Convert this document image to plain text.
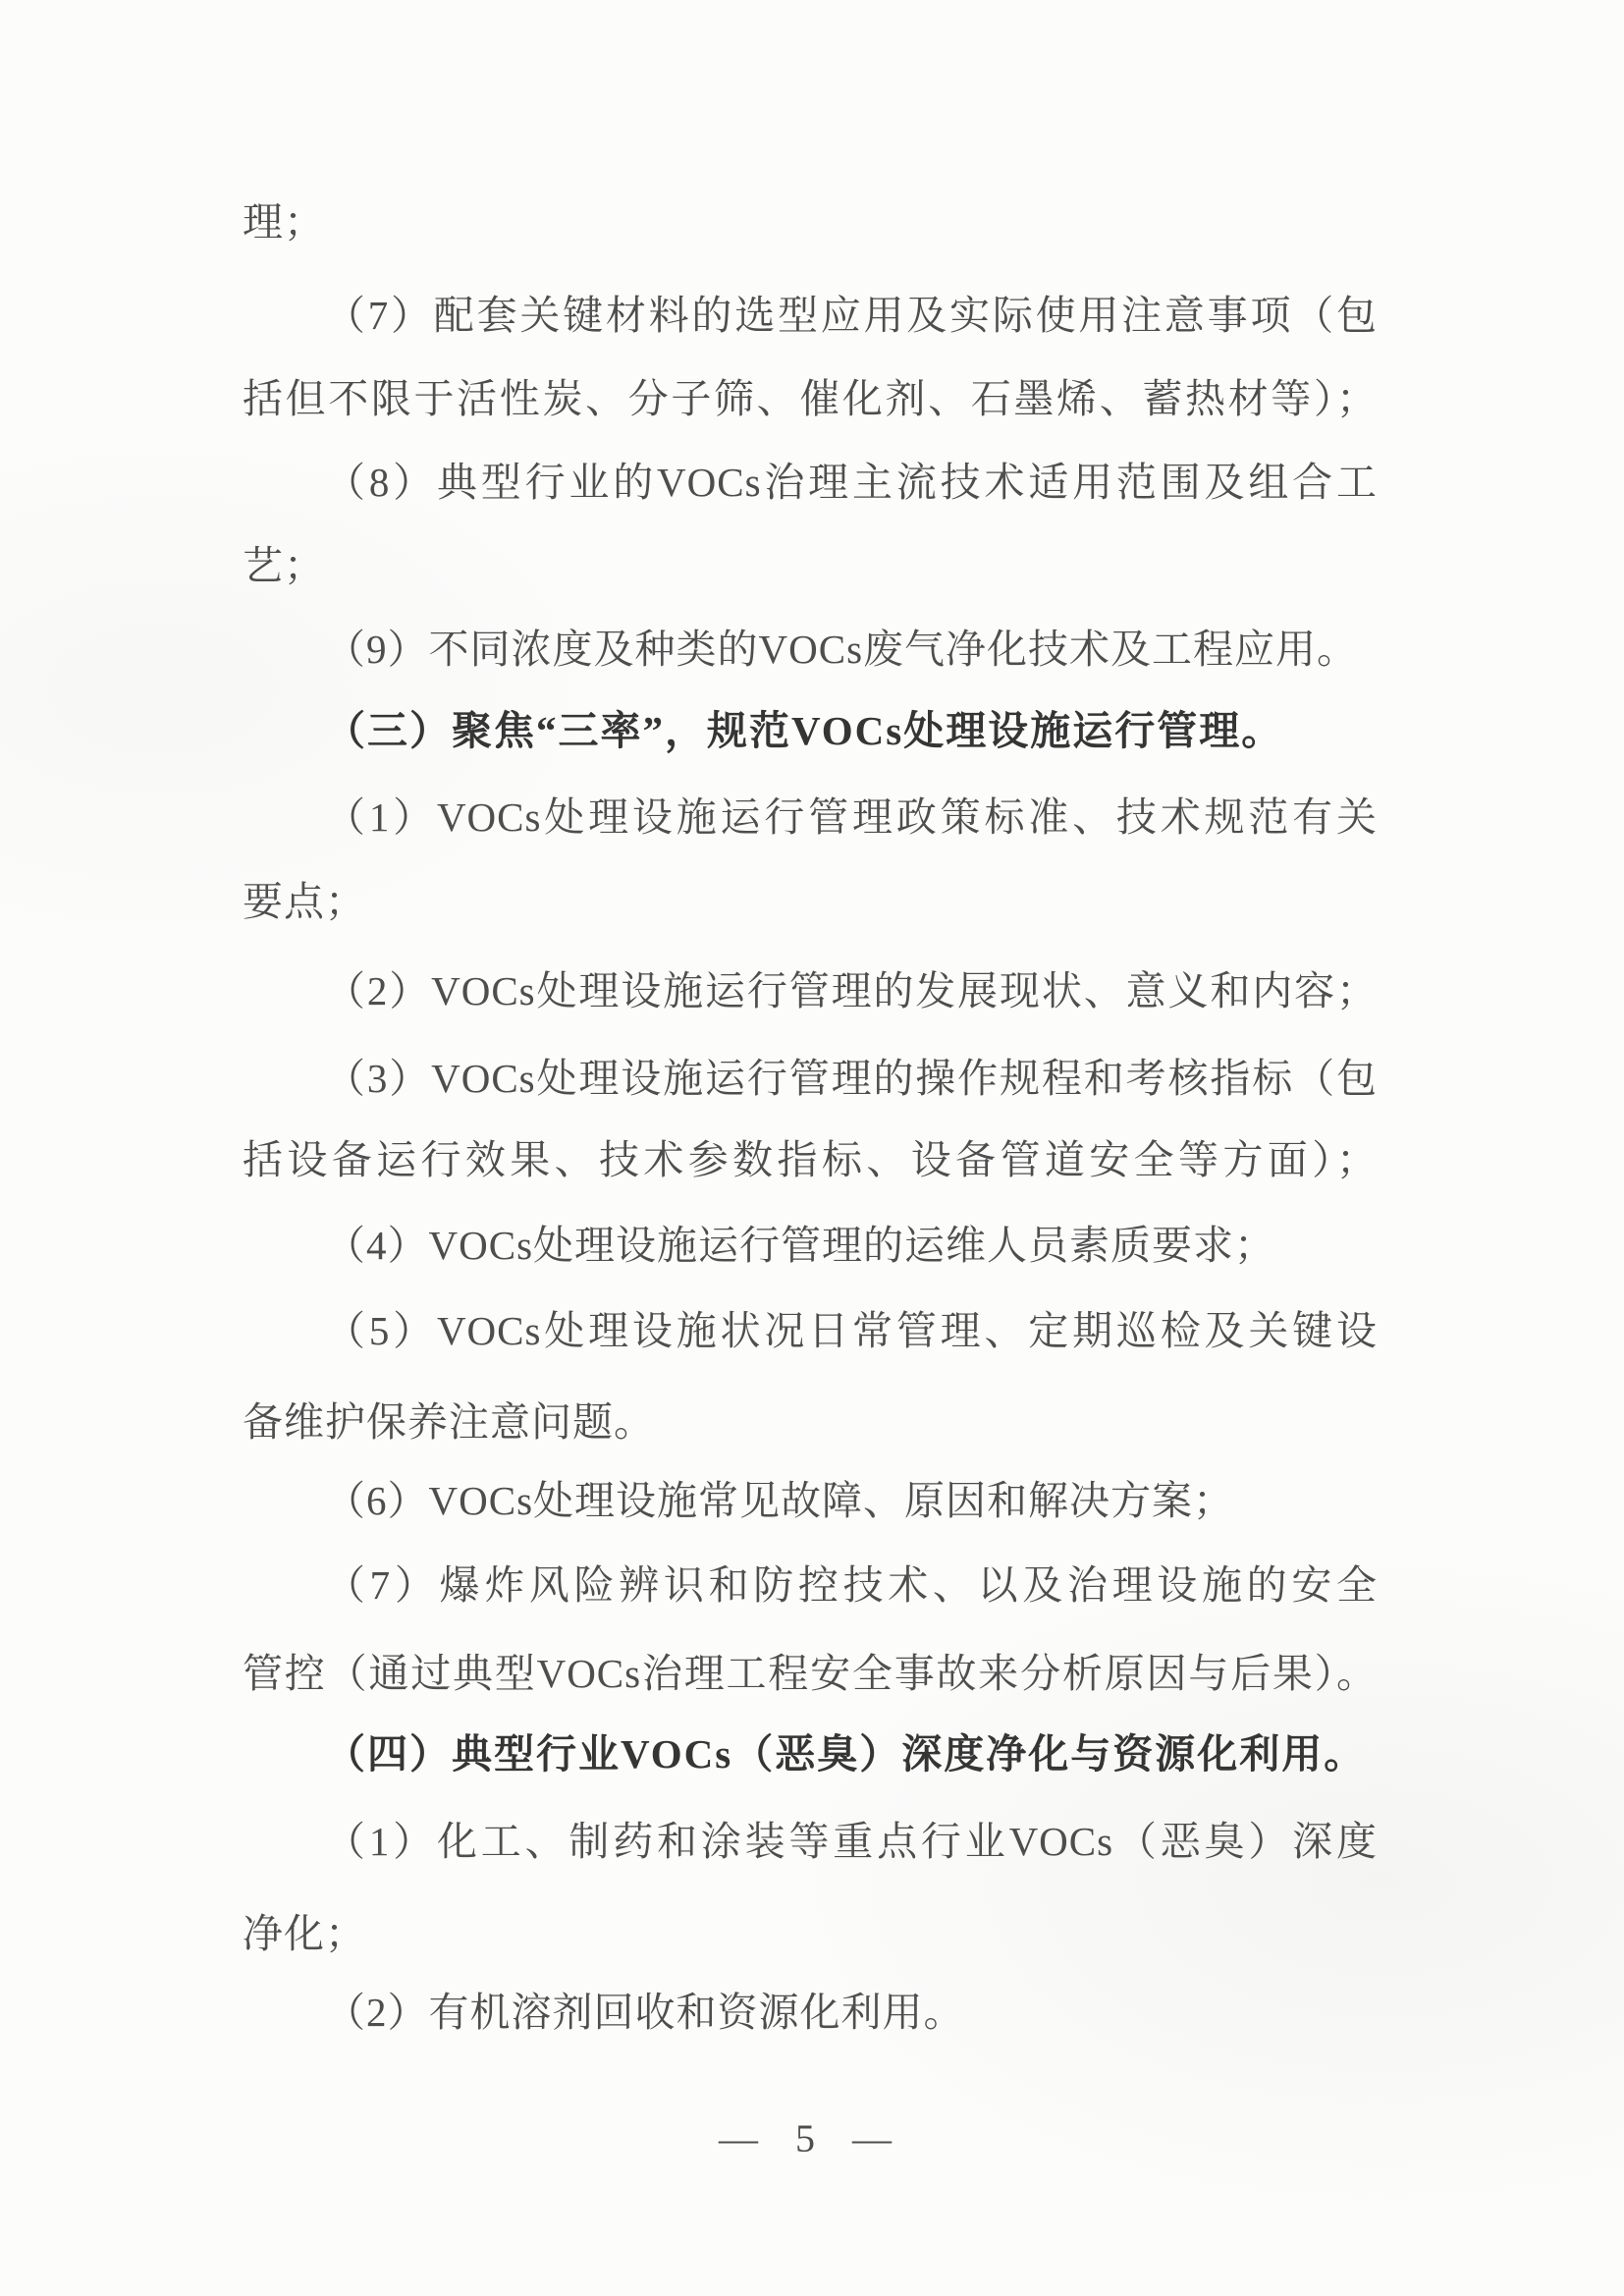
理；
（7）配套关键材料的选型应用及实际使用注意事项（包
括但不限于活性炭、分子筛、催化剂、石墨烯、蓄热材等）；
（8）典型行业的VOCs治理主流技术适用范围及组合工
艺；
（9）不同浓度及种类的VOCs废气净化技术及工程应用。
（三）聚焦“三率”，规范VOCs处理设施运行管理。
（1）VOCs处理设施运行管理政策标准、技术规范有关
要点；
（2）VOCs处理设施运行管理的发展现状、意义和内容；
（3）VOCs处理设施运行管理的操作规程和考核指标（包
括设备运行效果、技术参数指标、设备管道安全等方面）；
（4）VOCs处理设施运行管理的运维人员素质要求；
（5）VOCs处理设施状况日常管理、定期巡检及关键设
备维护保养注意问题。
（6）VOCs处理设施常见故障、原因和解决方案；
（7）爆炸风险辨识和防控技术、以及治理设施的安全
管控（通过典型VOCs治理工程安全事故来分析原因与后果）。
（四）典型行业VOCs（恶臭）深度净化与资源化利用。
（1）化工、制药和涂装等重点行业VOCs（恶臭）深度
净化；
（2）有机溶剂回收和资源化利用。
— 5 —
